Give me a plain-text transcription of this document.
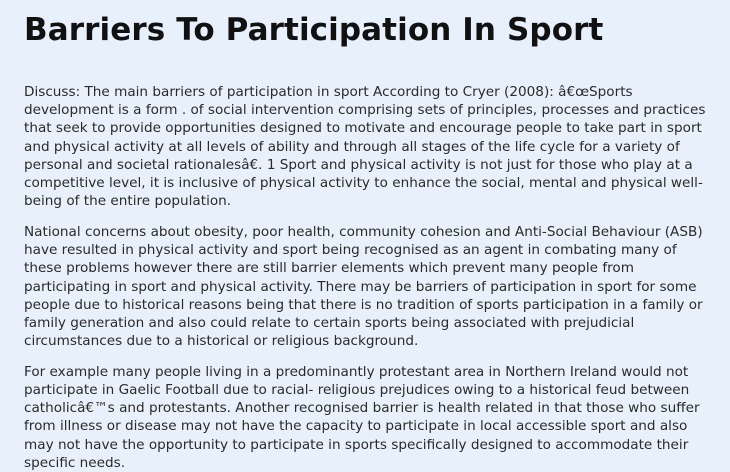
Barriers To Participation In Sport

Discuss: The main barriers of participation in sport According to Cryer (2008): â€œSports development is a form . of social intervention comprising sets of principles, processes and practices that seek to provide opportunities designed to motivate and encourage people to take part in sport and physical activity at all levels of ability and through all stages of the life cycle for a variety of personal and societal rationalesâ€. 1 Sport and physical activity is not just for those who play at a competitive level, it is inclusive of physical activity to enhance the social, mental and physical well-being of the entire population.

National concerns about obesity, poor health, community cohesion and Anti-Social Behaviour (ASB) have resulted in physical activity and sport being recognised as an agent in combating many of these problems however there are still barrier elements which prevent many people from participating in sport and physical activity. There may be barriers of participation in sport for some people due to historical reasons being that there is no tradition of sports participation in a family or family generation and also could relate to certain sports being associated with prejudicial circumstances due to a historical or religious background.

For example many people living in a predominantly protestant area in Northern Ireland would not participate in Gaelic Football due to racial- religious prejudices owing to a historical feud between catholicâ€™s and protestants. Another recognised barrier is health related in that those who suffer from illness or disease may not have the capacity to participate in local accessible sport and also may not have the opportunity to participate in sports specifically designed to accommodate their specific needs.
